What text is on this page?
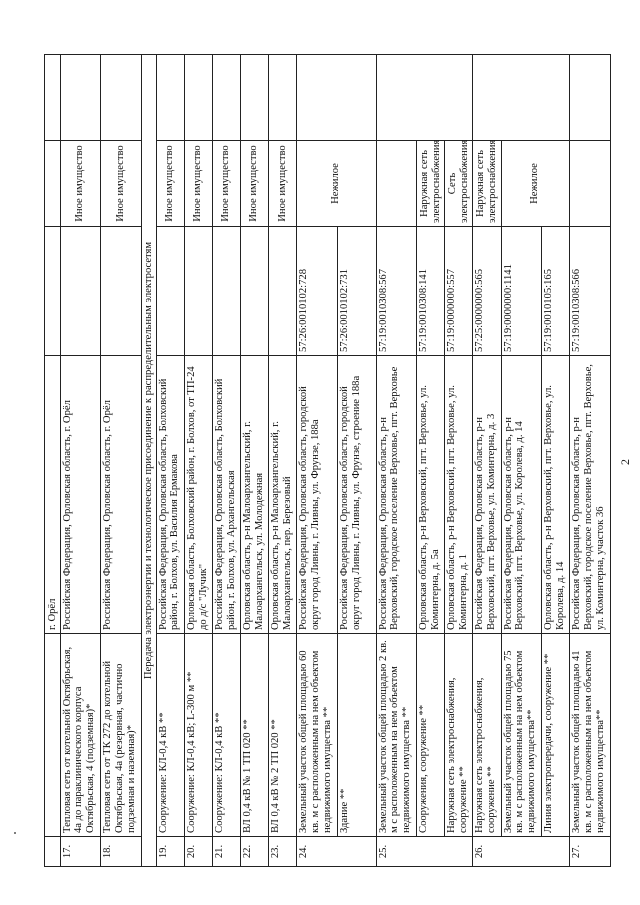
2
		г. Орёл			
17.	Тепловая сеть от котельной Октябрьская, 4а до параклинического корпуса Октябрьская, 4 (подземная)*	Российская Федерация, Орловская область, г. Орёл		Иное имущество	
18.	Тепловая сеть от ТК 272 до котельной Октябрьская, 4а (резервная, частично подземная и наземная)*	Российская Федерация, Орловская область, г. Орёл		Иное имущество	
Передача электроэнергии и технологическое присоединение к распределительным электросетям					
19.	Сооружение: КЛ-0,4 кВ **	Российская Федерация, Орловская область, Болховский район, г. Болхов, ул. Василия Ермакова		Иное имущество	
20.	Сооружение: КЛ-0,4 кВ; L-300 м **	Орловская область, Болховский район, г. Болхов, от ТП-24 до д/с "Лучик"		Иное имущество	
21.	Сооружение: КЛ-0,4 кВ **	Российская Федерация, Орловская область, Болховский район, г. Болхов, ул. Архангельская		Иное имущество	
22.	ВЛ 0,4 кВ № 1 ТП 020 **	Орловская область, р-н Малоархангельский, г. Малоархангельск, ул. Молодежная		Иное имущество	
23.	ВЛ 0,4 кВ № 2 ТП 020 **	Орловская область, р-н Малоархангельский, г. Малоархангельск, пер. Березовый		Иное имущество	
24.	Земельный участок общей площадью 60 кв. м с расположенным на нем объектом недвижимого имущества **	Российская Федерация, Орловская область, городской округ город Ливны, г. Ливны, ул. Фрунзе, 188а	57:26:0010102:728	Нежилое	
	Здание **	Российская Федерация, Орловская область, городской округ город Ливны, г. Ливны, ул. Фрунзе, строение 188а	57:26:0010102:731		
25.	Земельный участок общей площадью 2 кв. м с расположенным на нем объектом недвижимого имущества **	Российская Федерация, Орловская область, р-н Верховский, городское поселение Верховье, пгт. Верховье	57:19:0010308:567		
	Сооружения, сооружение **	Орловская область, р-н Верховский, пгт. Верховье, ул. Коминтерна, д. 5а	57:19:0010308:141	Наружная сеть электроснабжения	
	Наружная сеть электроснабжения, сооружение **	Орловская область, р-н Верховский, пгт. Верховье, ул. Коминтерна, д. 1	57:19:0000000:557	Сеть электроснабжения	
26.	Наружная сеть электроснабжения, сооружение **	Российская Федерация, Орловская область, р-н Верховский, пгт. Верховье, ул. Коминтерна, д. 3	57:25:0000000:565	Наружная сеть электроснабжения	
	Земельный участок общей площадью 75 кв. м с расположенным на нем объектом недвижимого имущества**	Российская Федерация, Орловская область, р-н Верховский, пгт. Верховье, ул. Королева, д. 14	57:19:0000000:1141	Нежилое	
	Линия электропередачи, сооружение **	Орловская область, р-н Верховский, пгт. Верховье, ул. Королева, д. 14	57:19:0010105:165		
27.	Земельный участок общей площадью 41 кв. м с расположенным на нем объектом недвижимого имущества**	Российская Федерация, Орловская область, р-н Верховский, городское поселение Верховье, пгт. Верховье, ул. Коминтерна, участок 36	57:19:0010308:566		
